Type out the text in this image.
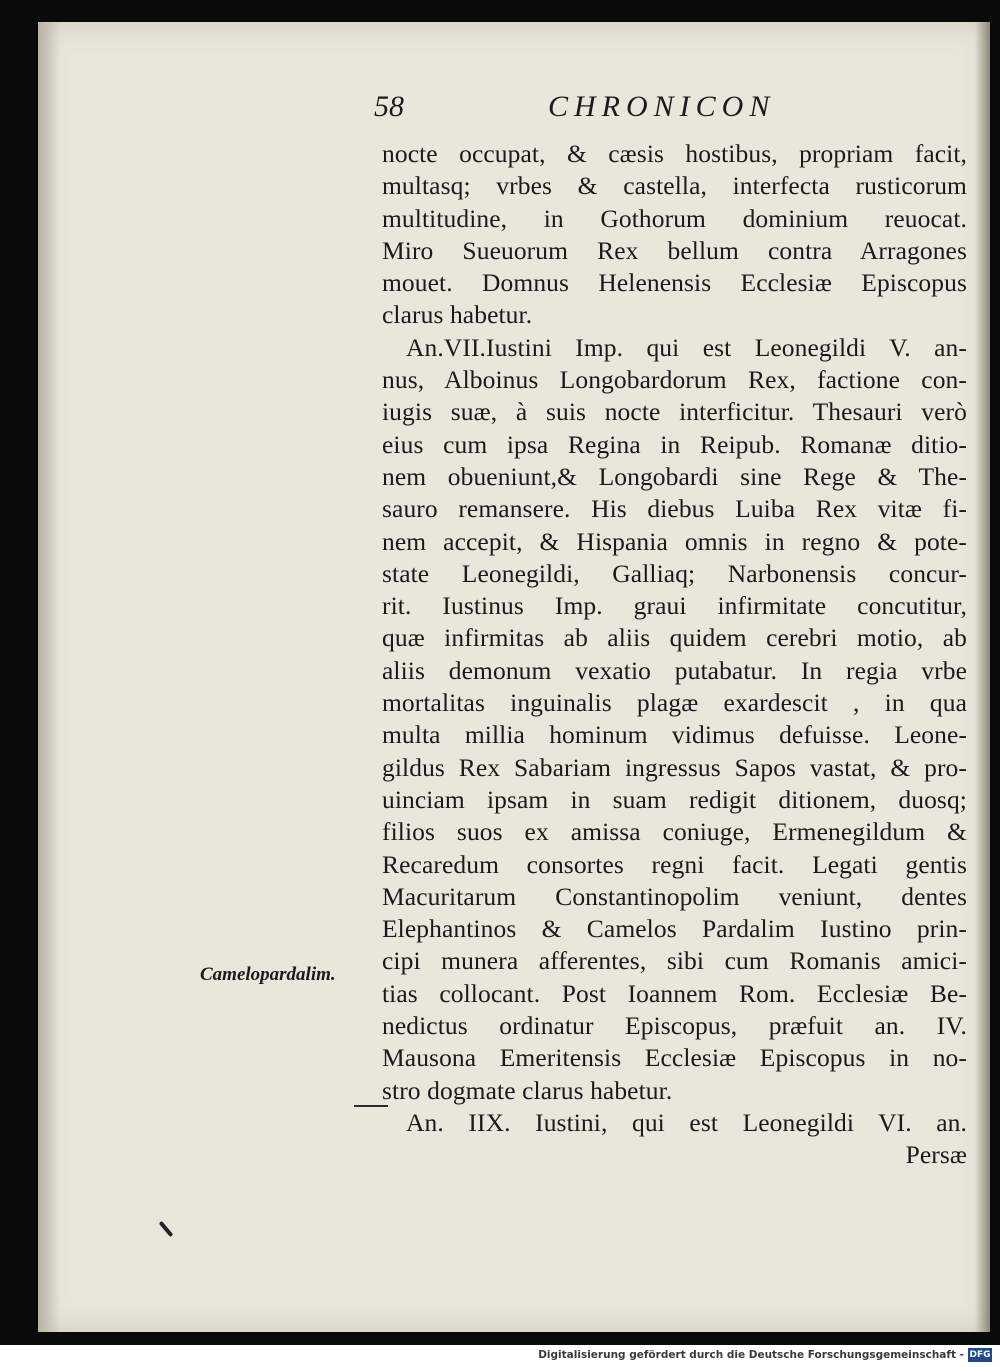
58	CHRONICON
Camelopardalim.
nocte occupat, & cæsis hostibus, propriam facit,
multasq; vrbes & castella, interfecta rusticorum
multitudine, in Gothorum dominium reuocat.
Miro Sueuorum Rex bellum contra Arragones
mouet. Domnus Helenensis Ecclesiæ Episcopus
clarus habetur.
An.VII.Iustini Imp. qui est Leonegildi V. an-
nus, Alboinus Longobardorum Rex, factione con-
iugis suæ, à suis nocte interficitur. Thesauri verò
eius cum ipsa Regina in Reipub. Romanæ ditio-
nem obueniunt,& Longobardi sine Rege & The-
sauro remansere. His diebus Luiba Rex vitæ fi-
nem accepit, & Hispania omnis in regno & pote-
state Leonegildi, Galliaq; Narbonensis concur-
rit. Iustinus Imp. graui infirmitate concutitur,
quæ infirmitas ab aliis quidem cerebri motio, ab
aliis demonum vexatio putabatur. In regia vrbe
mortalitas inguinalis plagæ exardescit , in qua
multa millia hominum vidimus defuisse. Leone-
gildus Rex Sabariam ingressus Sapos vastat, & pro-
uinciam ipsam in suam redigit ditionem, duosq;
filios suos ex amissa coniuge, Ermenegildum &
Recaredum consortes regni facit. Legati gentis
Macuritarum Constantinopolim veniunt, dentes
Elephantinos & Camelos Pardalim Iustino prin-
cipi munera afferentes, sibi cum Romanis amici-
tias collocant. Post Ioannem Rom. Ecclesiæ Be-
nedictus ordinatur Episcopus, præfuit an. IV.
Mausona Emeritensis Ecclesiæ Episcopus in no-
stro dogmate clarus habetur.
An. IIX. Iustini, qui est Leonegildi VI. an.
Persæ
Digitalisierung gefördert durch die Deutsche Forschungsgemeinschaft - DFG
